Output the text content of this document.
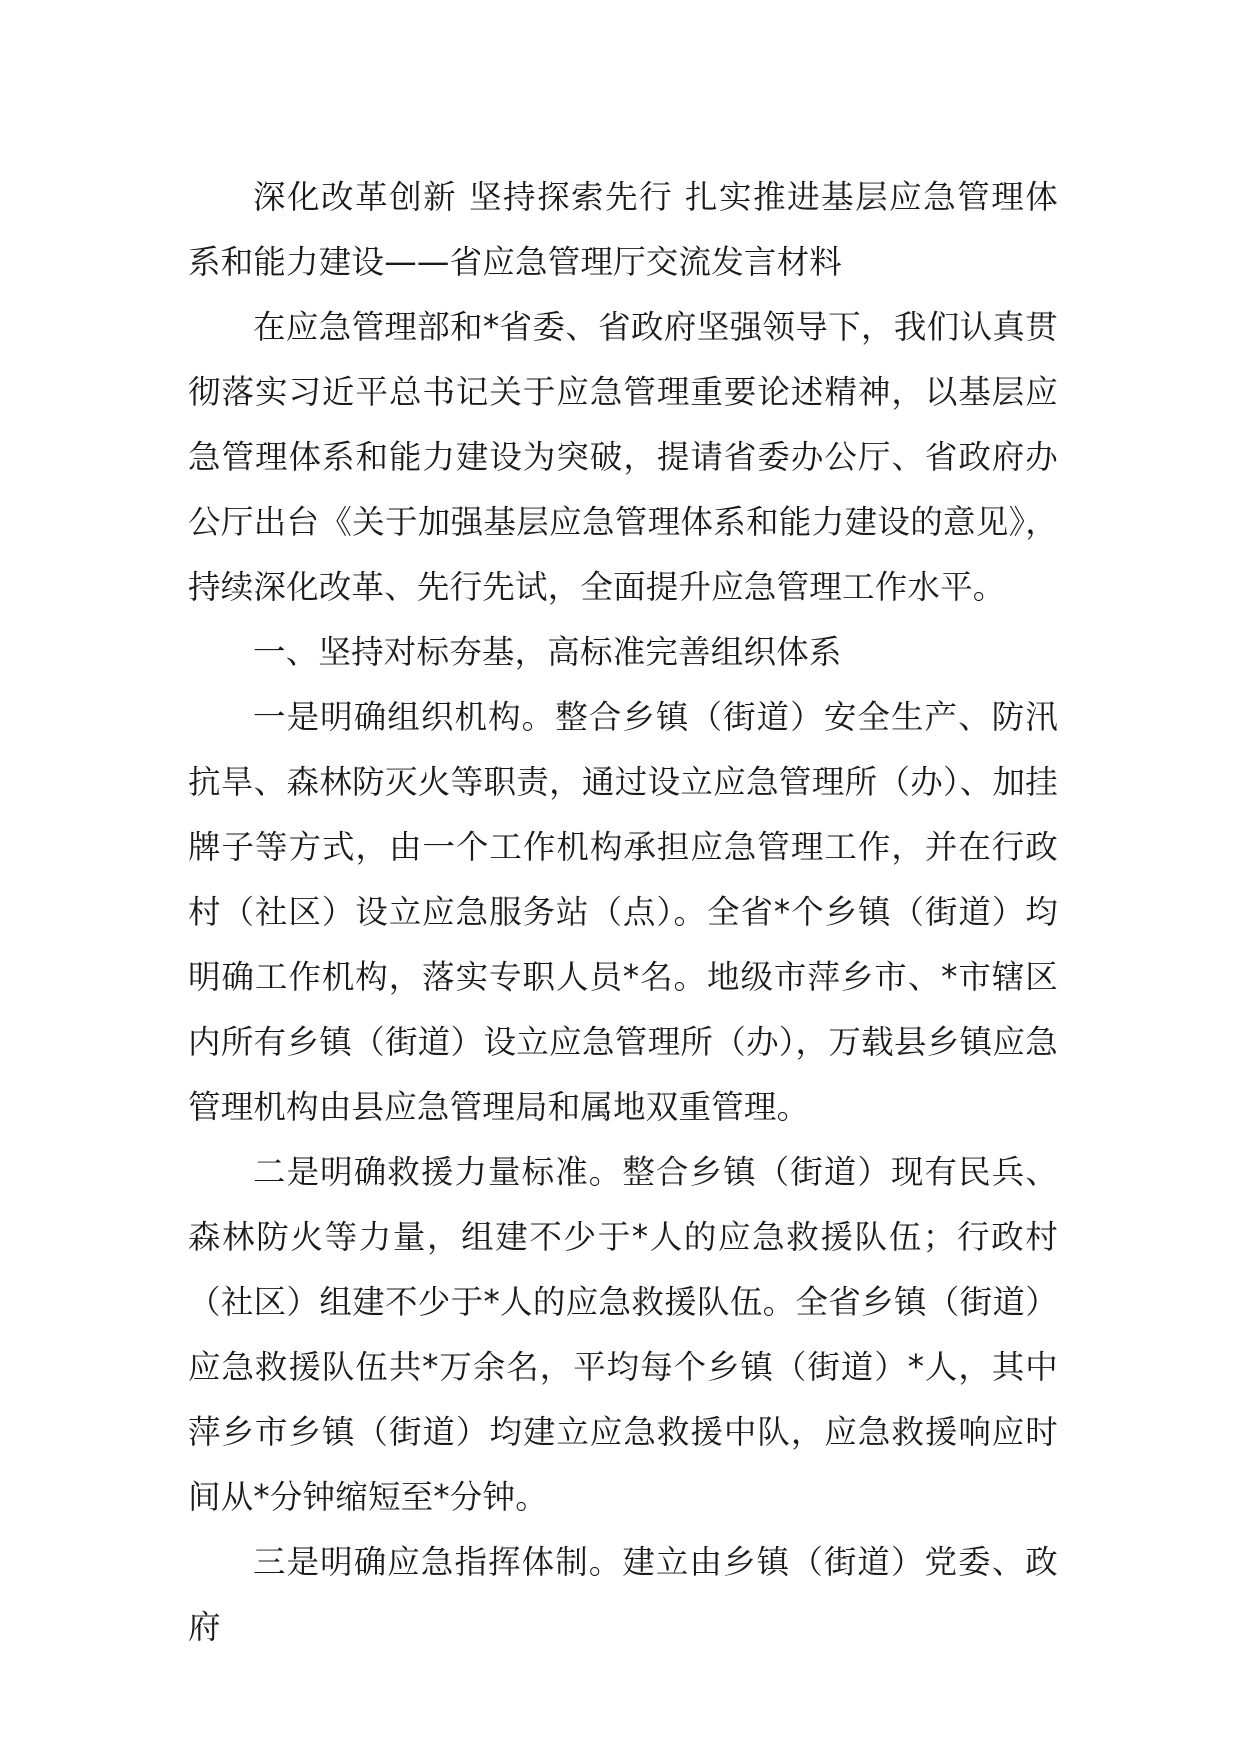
深化改革创新 坚持探索先行 扎实推进基层应急管理体系和能力建设——省应急管理厅交流发言材料

在应急管理部和*省委、省政府坚强领导下，我们认真贯彻落实习近平总书记关于应急管理重要论述精神，以基层应急管理体系和能力建设为突破，提请省委办公厅、省政府办公厅出台《关于加强基层应急管理体系和能力建设的意见》，持续深化改革、先行先试，全面提升应急管理工作水平。

一、坚持对标夯基，高标准完善组织体系

一是明确组织机构。整合乡镇（街道）安全生产、防汛抗旱、森林防灭火等职责，通过设立应急管理所（办）、加挂牌子等方式，由一个工作机构承担应急管理工作，并在行政村（社区）设立应急服务站（点）。全省*个乡镇（街道）均明确工作机构，落实专职人员*名。地级市萍乡市、*市辖区内所有乡镇（街道）设立应急管理所（办），万载县乡镇应急管理机构由县应急管理局和属地双重管理。

二是明确救援力量标准。整合乡镇（街道）现有民兵、森林防火等力量，组建不少于*人的应急救援队伍；行政村（社区）组建不少于*人的应急救援队伍。全省乡镇（街道）应急救援队伍共*万余名，平均每个乡镇（街道）*人，其中萍乡市乡镇（街道）均建立应急救援中队，应急救援响应时间从*分钟缩短至*分钟。

三是明确应急指挥体制。建立由乡镇（街道）党委、政府
